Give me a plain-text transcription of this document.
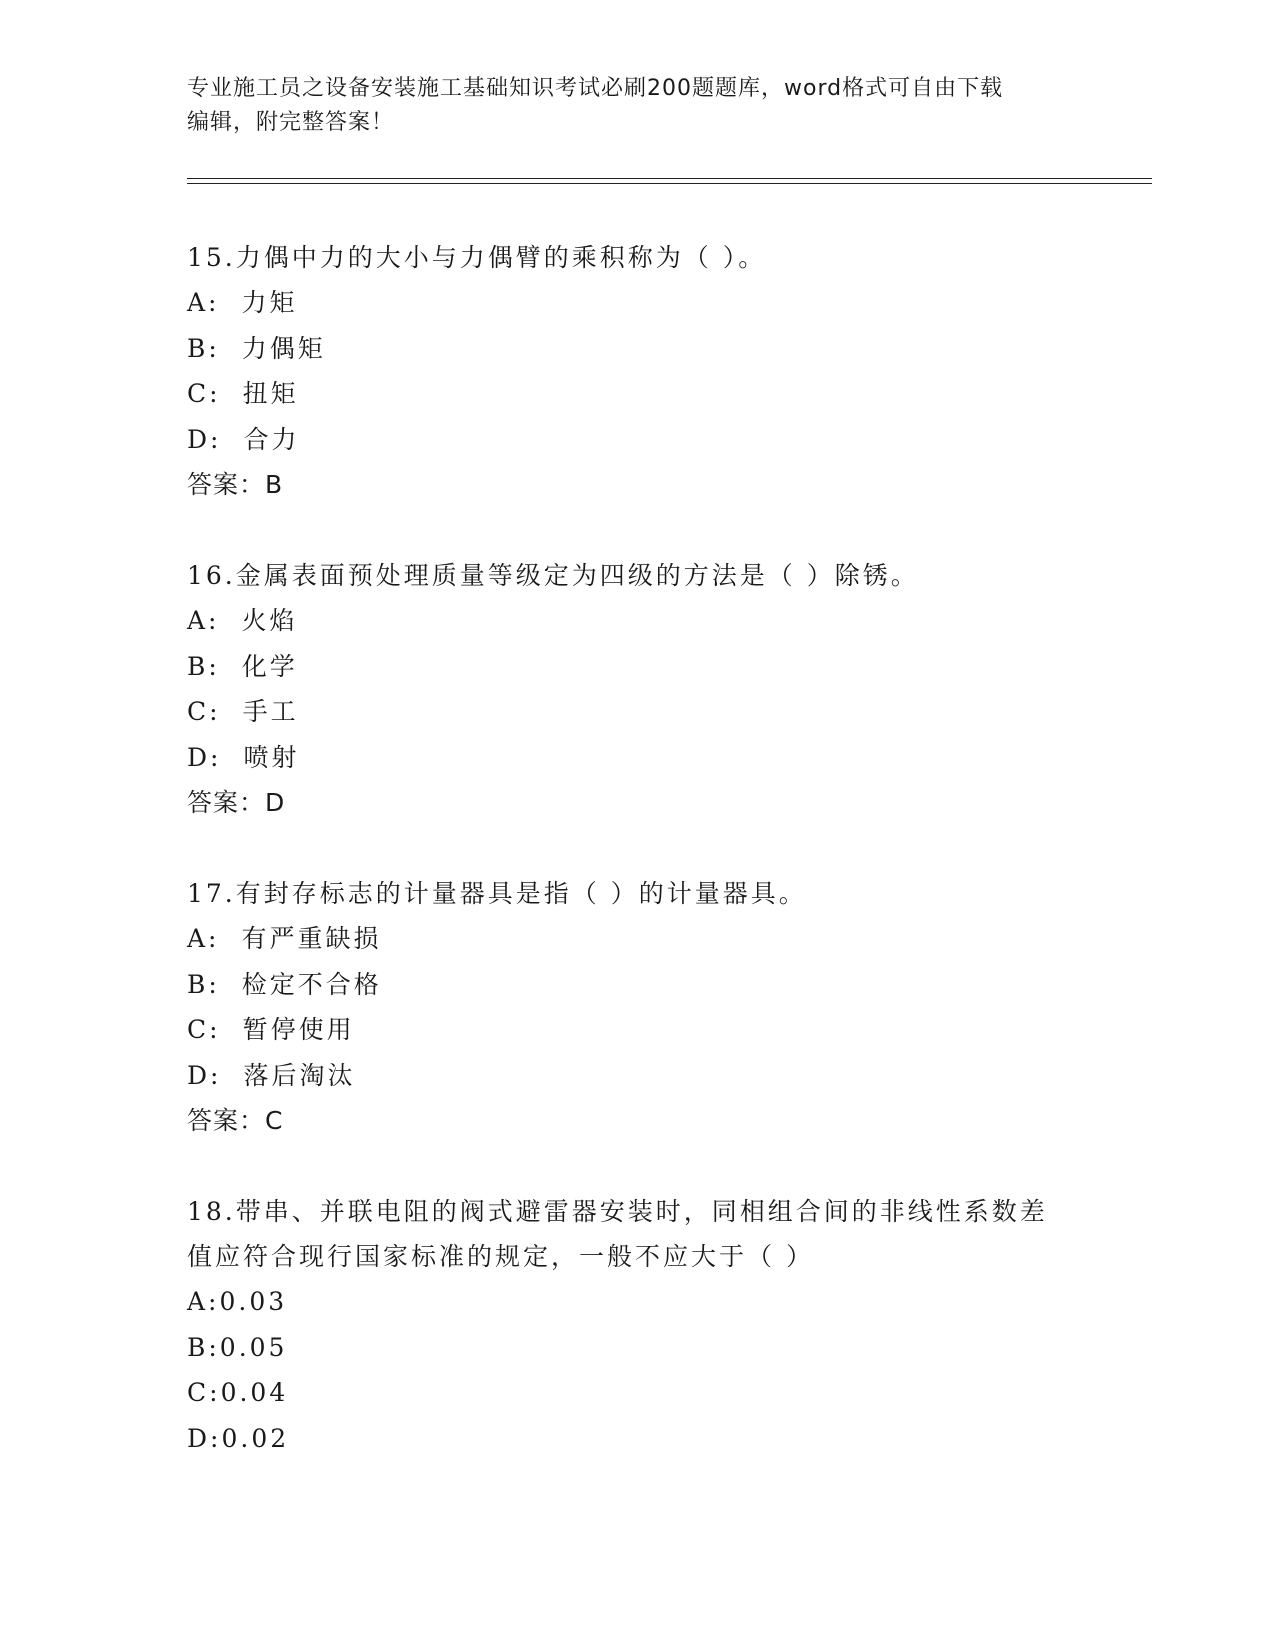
专业施工员之设备安装施工基础知识考试必刷200题题库，word格式可自由下载
编辑，附完整答案！
15.力偶中力的大小与力偶臂的乘积称为（ ）。
A: 力矩
B: 力偶矩
C: 扭矩
D: 合力
答案：B
16.金属表面预处理质量等级定为四级的方法是（ ）除锈。
A: 火焰
B: 化学
C: 手工
D: 喷射
答案：D
17.有封存标志的计量器具是指（ ）的计量器具。
A: 有严重缺损
B: 检定不合格
C: 暂停使用
D: 落后淘汰
答案：C
18.带串、并联电阻的阀式避雷器安装时，同相组合间的非线性系数差
值应符合现行国家标准的规定，一般不应大于（ ）
A:0.03
B:0.05
C:0.04
D:0.02
